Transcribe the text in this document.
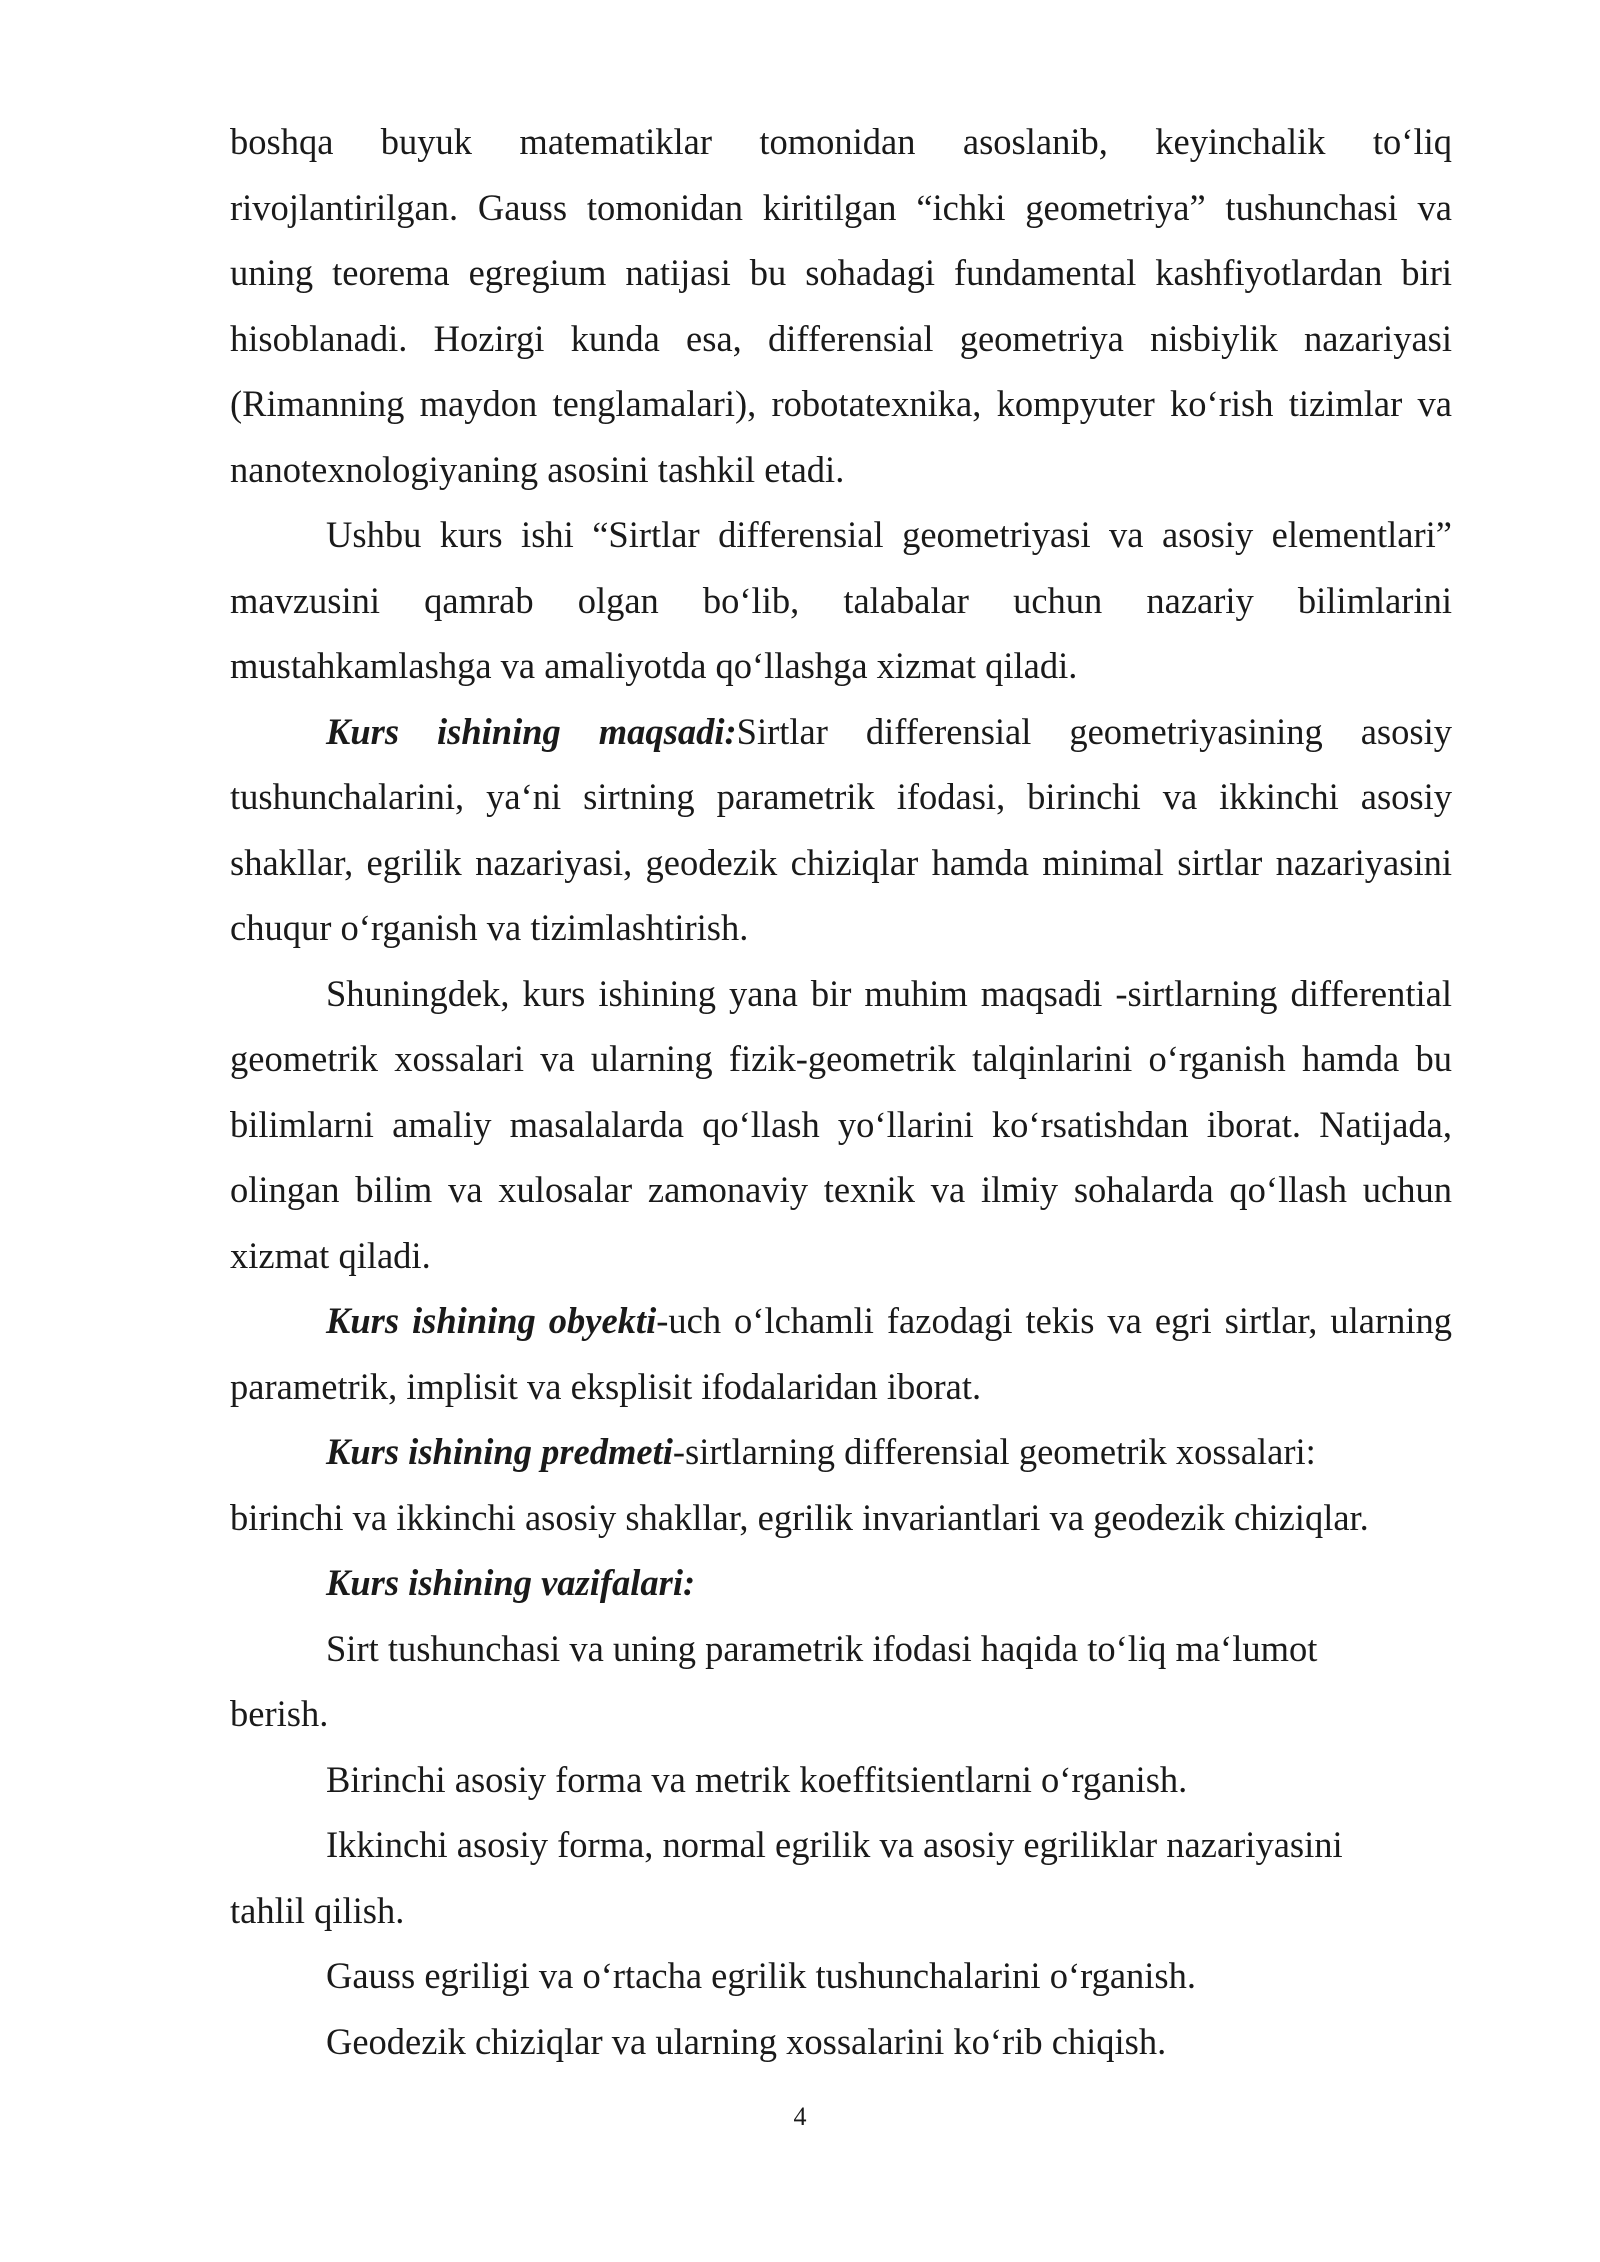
boshqa buyuk matematiklar tomonidan asoslanib, keyinchalik to‘liq rivojlantirilgan. Gauss tomonidan kiritilgan “ichki geometriya” tushunchasi va uning teorema egregium natijasi bu sohadagi fundamental kashfiyotlardan biri hisoblanadi. Hozirgi kunda esa, differensial geometriya nisbiylik nazariyasi (Rimanning maydon tenglamalari), robotatexnika, kompyuter ko‘rish tizimlar va nanotexnologiyaning asosini tashkil etadi.

Ushbu kurs ishi “Sirtlar differensial geometriyasi va asosiy elementlari” mavzusini qamrab olgan bo‘lib, talabalar uchun nazariy bilimlarini mustahkamlashga va amaliyotda qo‘llashga xizmat qiladi.

Kurs ishining maqsadi:Sirtlar differensial geometriyasining asosiy tushunchalarini, ya‘ni sirtning parametrik ifodasi, birinchi va ikkinchi asosiy shakllar, egrilik nazariyasi, geodezik chiziqlar hamda minimal sirtlar nazariyasini chuqur o‘rganish va tizimlashtirish.

Shuningdek, kurs ishining yana bir muhim maqsadi -sirtlarning differential geometrik xossalari va ularning fizik-geometrik talqinlarini o‘rganish hamda bu bilimlarni amaliy masalalarda qo‘llash yo‘llarini ko‘rsatishdan iborat. Natijada, olingan bilim va xulosalar zamonaviy texnik va ilmiy sohalarda qo‘llash uchun xizmat qiladi.

Kurs ishining obyekti-uch o‘lchamli fazodagi tekis va egri sirtlar, ularning parametrik, implisit va eksplisit ifodalaridan iborat.

Kurs ishining predmeti-sirtlarning differensial geometrik xossalari:

birinchi va ikkinchi asosiy shakllar, egrilik invariantlari va geodezik chiziqlar.

Kurs ishining vazifalari:

Sirt tushunchasi va uning parametrik ifodasi haqida to‘liq ma‘lumot

berish.

Birinchi asosiy forma va metrik koeffitsientlarni o‘rganish.

Ikkinchi asosiy forma, normal egrilik va asosiy egriliklar nazariyasini

tahlil qilish.

Gauss egriligi va o‘rtacha egrilik tushunchalarini o‘rganish.

Geodezik chiziqlar va ularning xossalarini ko‘rib chiqish.

4
